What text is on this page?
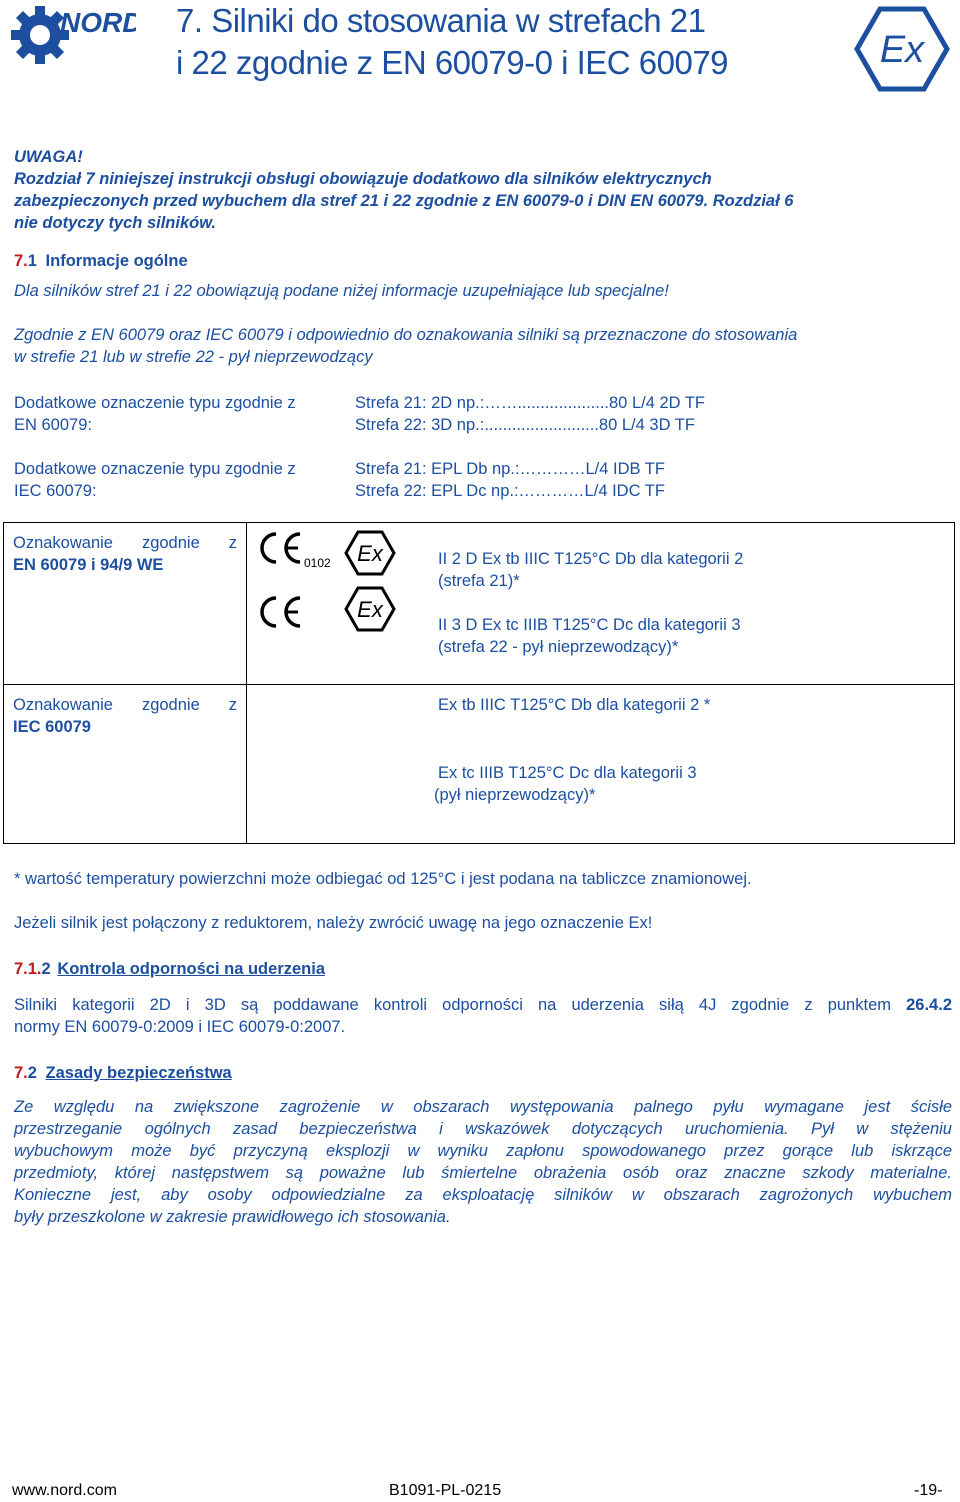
NORD 7. Silniki do stosowania w strefach 21
i 22 zgodnie z EN 60079-0 i IEC 60079	Ex
UWAGA!
Rozdział 7 niniejszej instrukcji obsługi obowiązuje dodatkowo dla silników elektrycznych
zabezpieczonych przed wybuchem dla stref 21 i 22 zgodnie z EN 60079-0 i DIN EN 60079. Rozdział 6
nie dotyczy tych silników.
7.1 Informacje ogólne
Dla silników stref 21 i 22 obowiązują podane niżej informacje uzupełniające lub specjalne!
Zgodnie z EN 60079 oraz IEC 60079 i odpowiednio do oznakowania silniki są przeznaczone do stosowania
w strefie 21 lub w strefie 22 - pył nieprzewodzący
Dodatkowe oznaczenie typu zgodnie z
EN 60079:
Strefa 21: 2D np.:……....................80 L/4 2D TF
Strefa 22: 3D np.:.........................80 L/4 3D TF
Dodatkowe oznaczenie typu zgodnie z
IEC 60079:
Strefa 21: EPL Db np.:…………L/4 IDB TF
Strefa 22: EPL Dc np.:…………L/4 IDC TF
Oznakowanie zgodnie z
EN 60079 i 94/9 WE	0102 Ex
Ex
II 2 D Ex tb IIIC T125°C Db dla kategorii 2
(strefa 21)*
II 3 D Ex tc IIIB T125°C Dc dla kategorii 3
(strefa 22 - pył nieprzewodzący)*
Oznakowanie zgodnie z
IEC 60079
Ex tb IIIC T125°C Db dla kategorii 2 *
Ex tc IIIB T125°C Dc dla kategorii 3
(pył nieprzewodzący)*
* wartość temperatury powierzchni może odbiegać od 125°C i jest podana na tabliczce znamionowej.
Jeżeli silnik jest połączony z reduktorem, należy zwrócić uwagę na jego oznaczenie Ex!
7.1.2 Kontrola odporności na uderzenia
Silniki kategorii 2D i 3D są poddawane kontroli odporności na uderzenia siłą 4J zgodnie z punktem 26.4.2
normy EN 60079-0:2009 i IEC 60079-0:2007.
7.2 Zasady bezpieczeństwa
Ze względu na zwiększone zagrożenie w obszarach występowania palnego pyłu wymagane jest ścisłe
przestrzeganie ogólnych zasad bezpieczeństwa i wskazówek dotyczących uruchomienia. Pył w stężeniu
wybuchowym może być przyczyną eksplozji w wyniku zapłonu spowodowanego przez gorące lub iskrzące
przedmioty, której następstwem są poważne lub śmiertelne obrażenia osób oraz znaczne szkody materialne.
Konieczne jest, aby osoby odpowiedzialne za eksploatację silników w obszarach zagrożonych wybuchem
były przeszkolone w zakresie prawidłowego ich stosowania.
www.nord.com	B1091-PL-0215	-19-
